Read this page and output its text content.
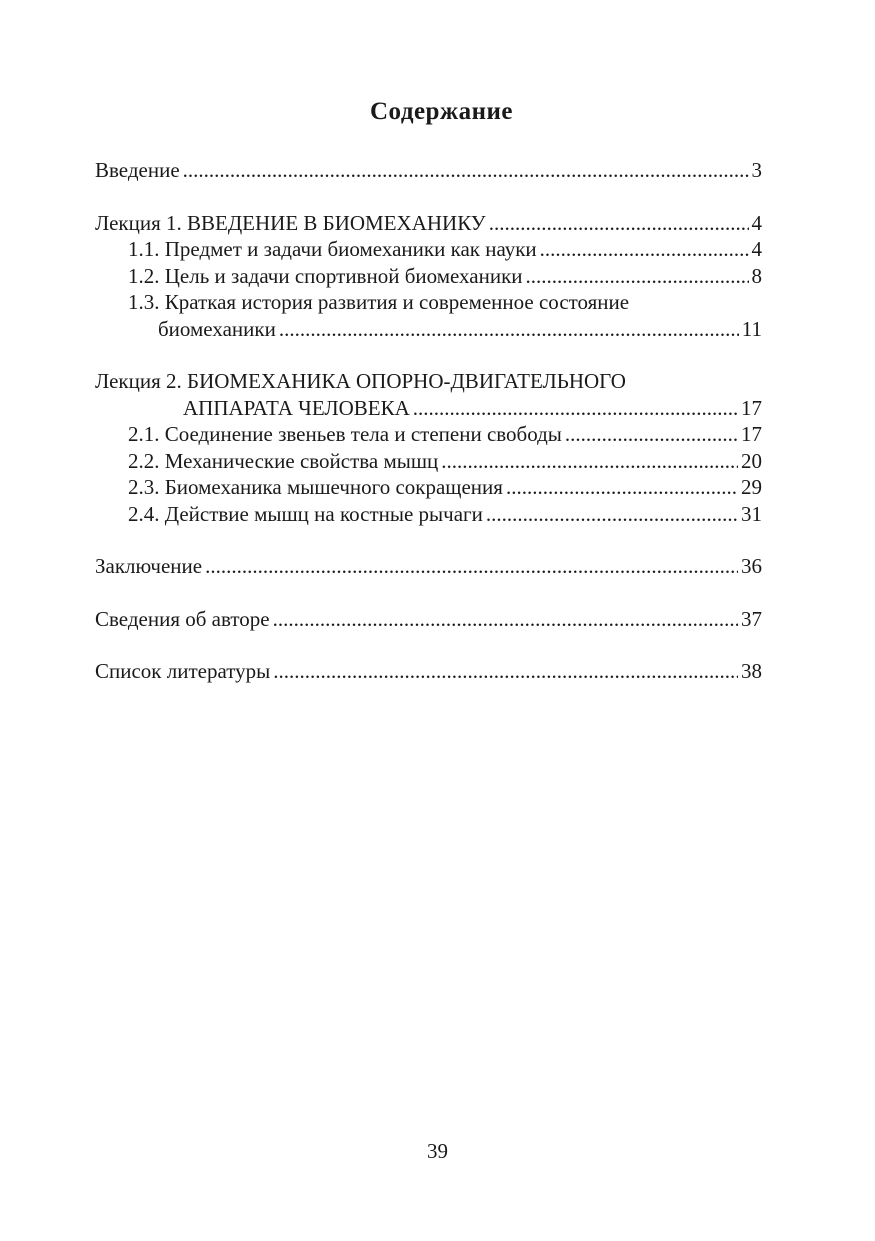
Содержание
Введение .....	3
Лекция 1. ВВЕДЕНИЕ В БИОМЕХАНИКУ .....	4
1.1. Предмет и задачи биомеханики как науки .....	4
1.2. Цель и задачи спортивной биомеханики .....	8
1.3. Краткая история развития и современное состояние
биомеханики .....	11
Лекция 2. БИОМЕХАНИКА ОПОРНО-ДВИГАТЕЛЬНОГО
АППАРАТА ЧЕЛОВЕКА .....	17
2.1. Соединение звеньев тела и степени свободы .....	17
2.2. Механические свойства мышц .....	20
2.3. Биомеханика мышечного сокращения .....	29
2.4. Действие мышц на костные рычаги .....	31
Заключение .....	36
Сведения об авторе .....	37
Список литературы .....	38
39
